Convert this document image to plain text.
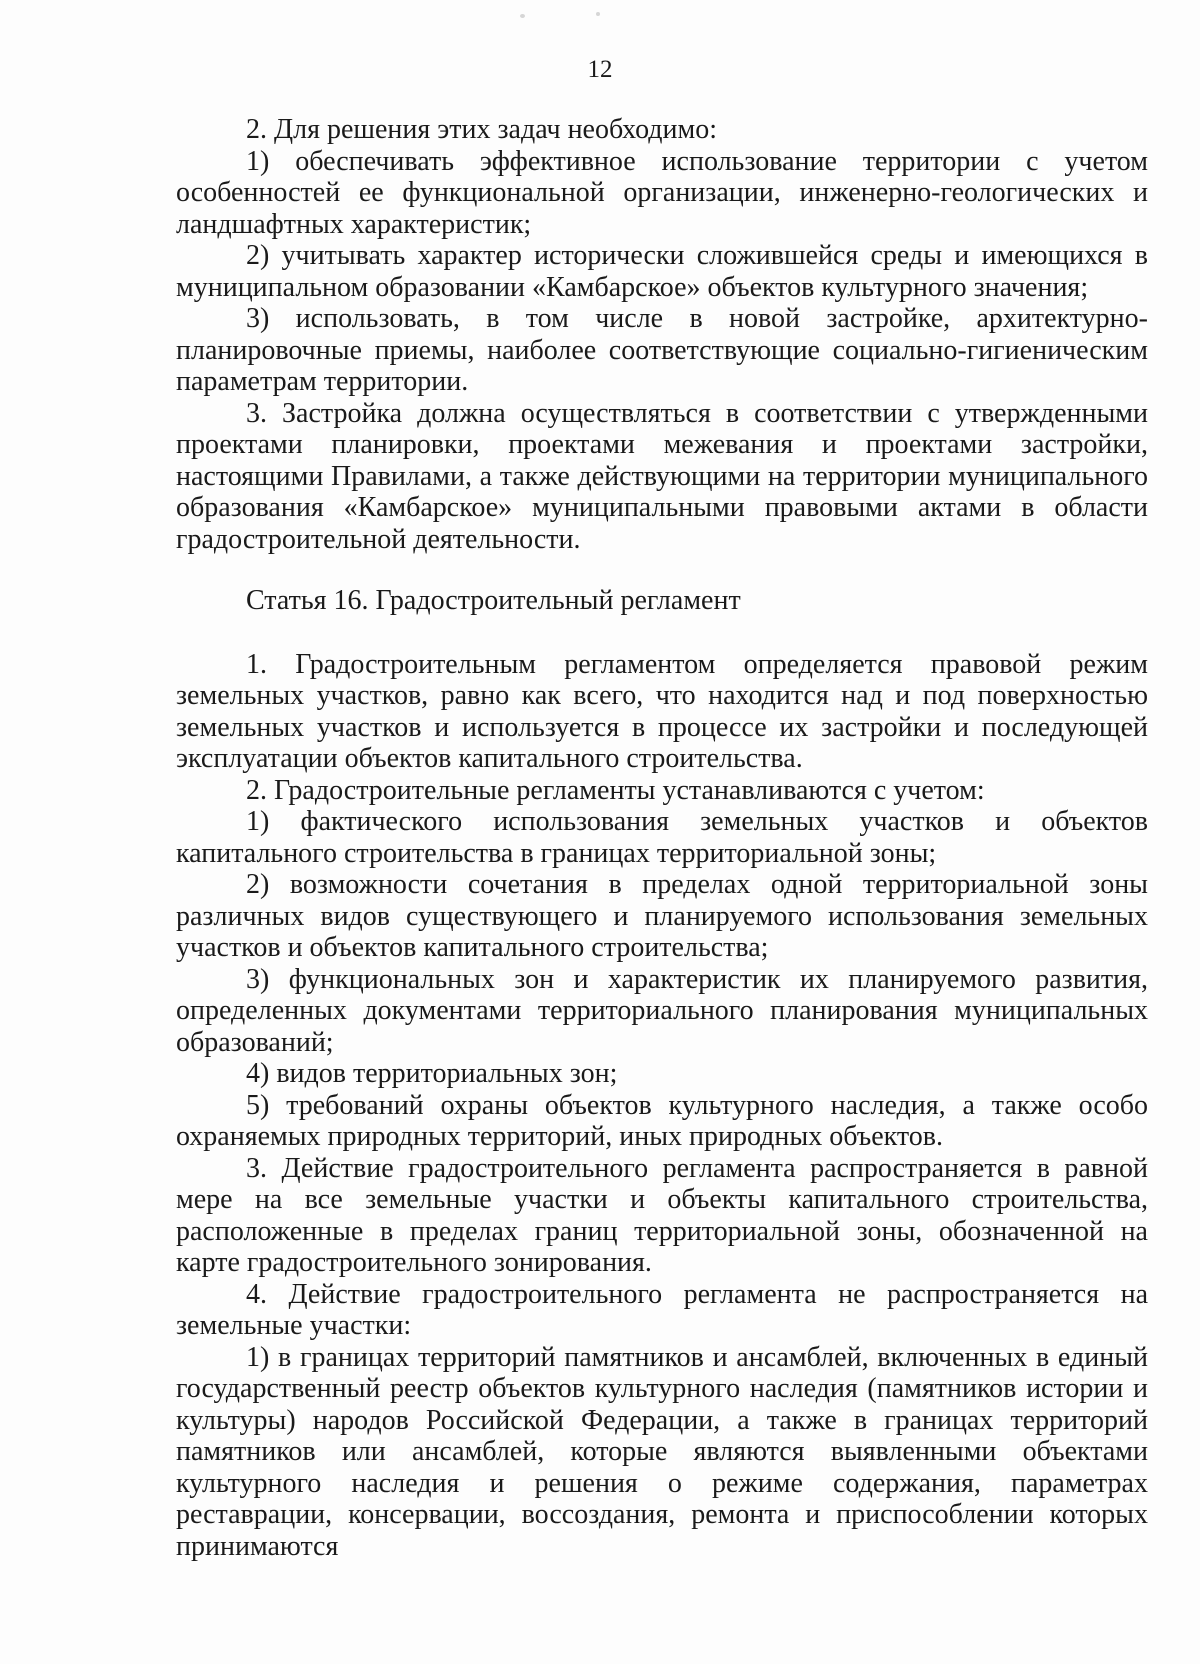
12

2. Для решения этих задач необходимо:

1) обеспечивать эффективное использование территории с учетом особенностей ее функциональной организации, инженерно-геологических и ландшафтных характеристик;

2) учитывать характер исторически сложившейся среды и имеющихся в муниципальном образовании «Камбарское» объектов культурного значения;

3) использовать, в том числе в новой застройке, архитектурно-планировочные приемы, наиболее соответствующие социально-гигиеническим параметрам территории.

3. Застройка должна осуществляться в соответствии с утвержденными проектами планировки, проектами межевания и проектами застройки, настоящими Правилами, а также действующими на территории муниципального образования «Камбарское» муниципальными правовыми актами в области градостроительной деятельности.

Статья 16. Градостроительный регламент

1. Градостроительным регламентом определяется правовой режим земельных участков, равно как всего, что находится над и под поверхностью земельных участков и используется в процессе их застройки и последующей эксплуатации объектов капитального строительства.

2. Градостроительные регламенты устанавливаются с учетом:

1) фактического использования земельных участков и объектов капитального строительства в границах территориальной зоны;

2) возможности сочетания в пределах одной территориальной зоны различных видов существующего и планируемого использования земельных участков и объектов капитального строительства;

3) функциональных зон и характеристик их планируемого развития, определенных документами территориального планирования муниципальных образований;

4) видов территориальных зон;

5) требований охраны объектов культурного наследия, а также особо охраняемых природных территорий, иных природных объектов.

3. Действие градостроительного регламента распространяется в равной мере на все земельные участки и объекты капитального строительства, расположенные в пределах границ территориальной зоны, обозначенной на карте градостроительного зонирования.

4. Действие градостроительного регламента не распространяется на земельные участки:

1) в границах территорий памятников и ансамблей, включенных в единый государственный реестр объектов культурного наследия (памятников истории и культуры) народов Российской Федерации, а также в границах территорий памятников или ансамблей, которые являются выявленными объектами культурного наследия и решения о режиме содержания, параметрах реставрации, консервации, воссоздания, ремонта и приспособлении которых принимаются
